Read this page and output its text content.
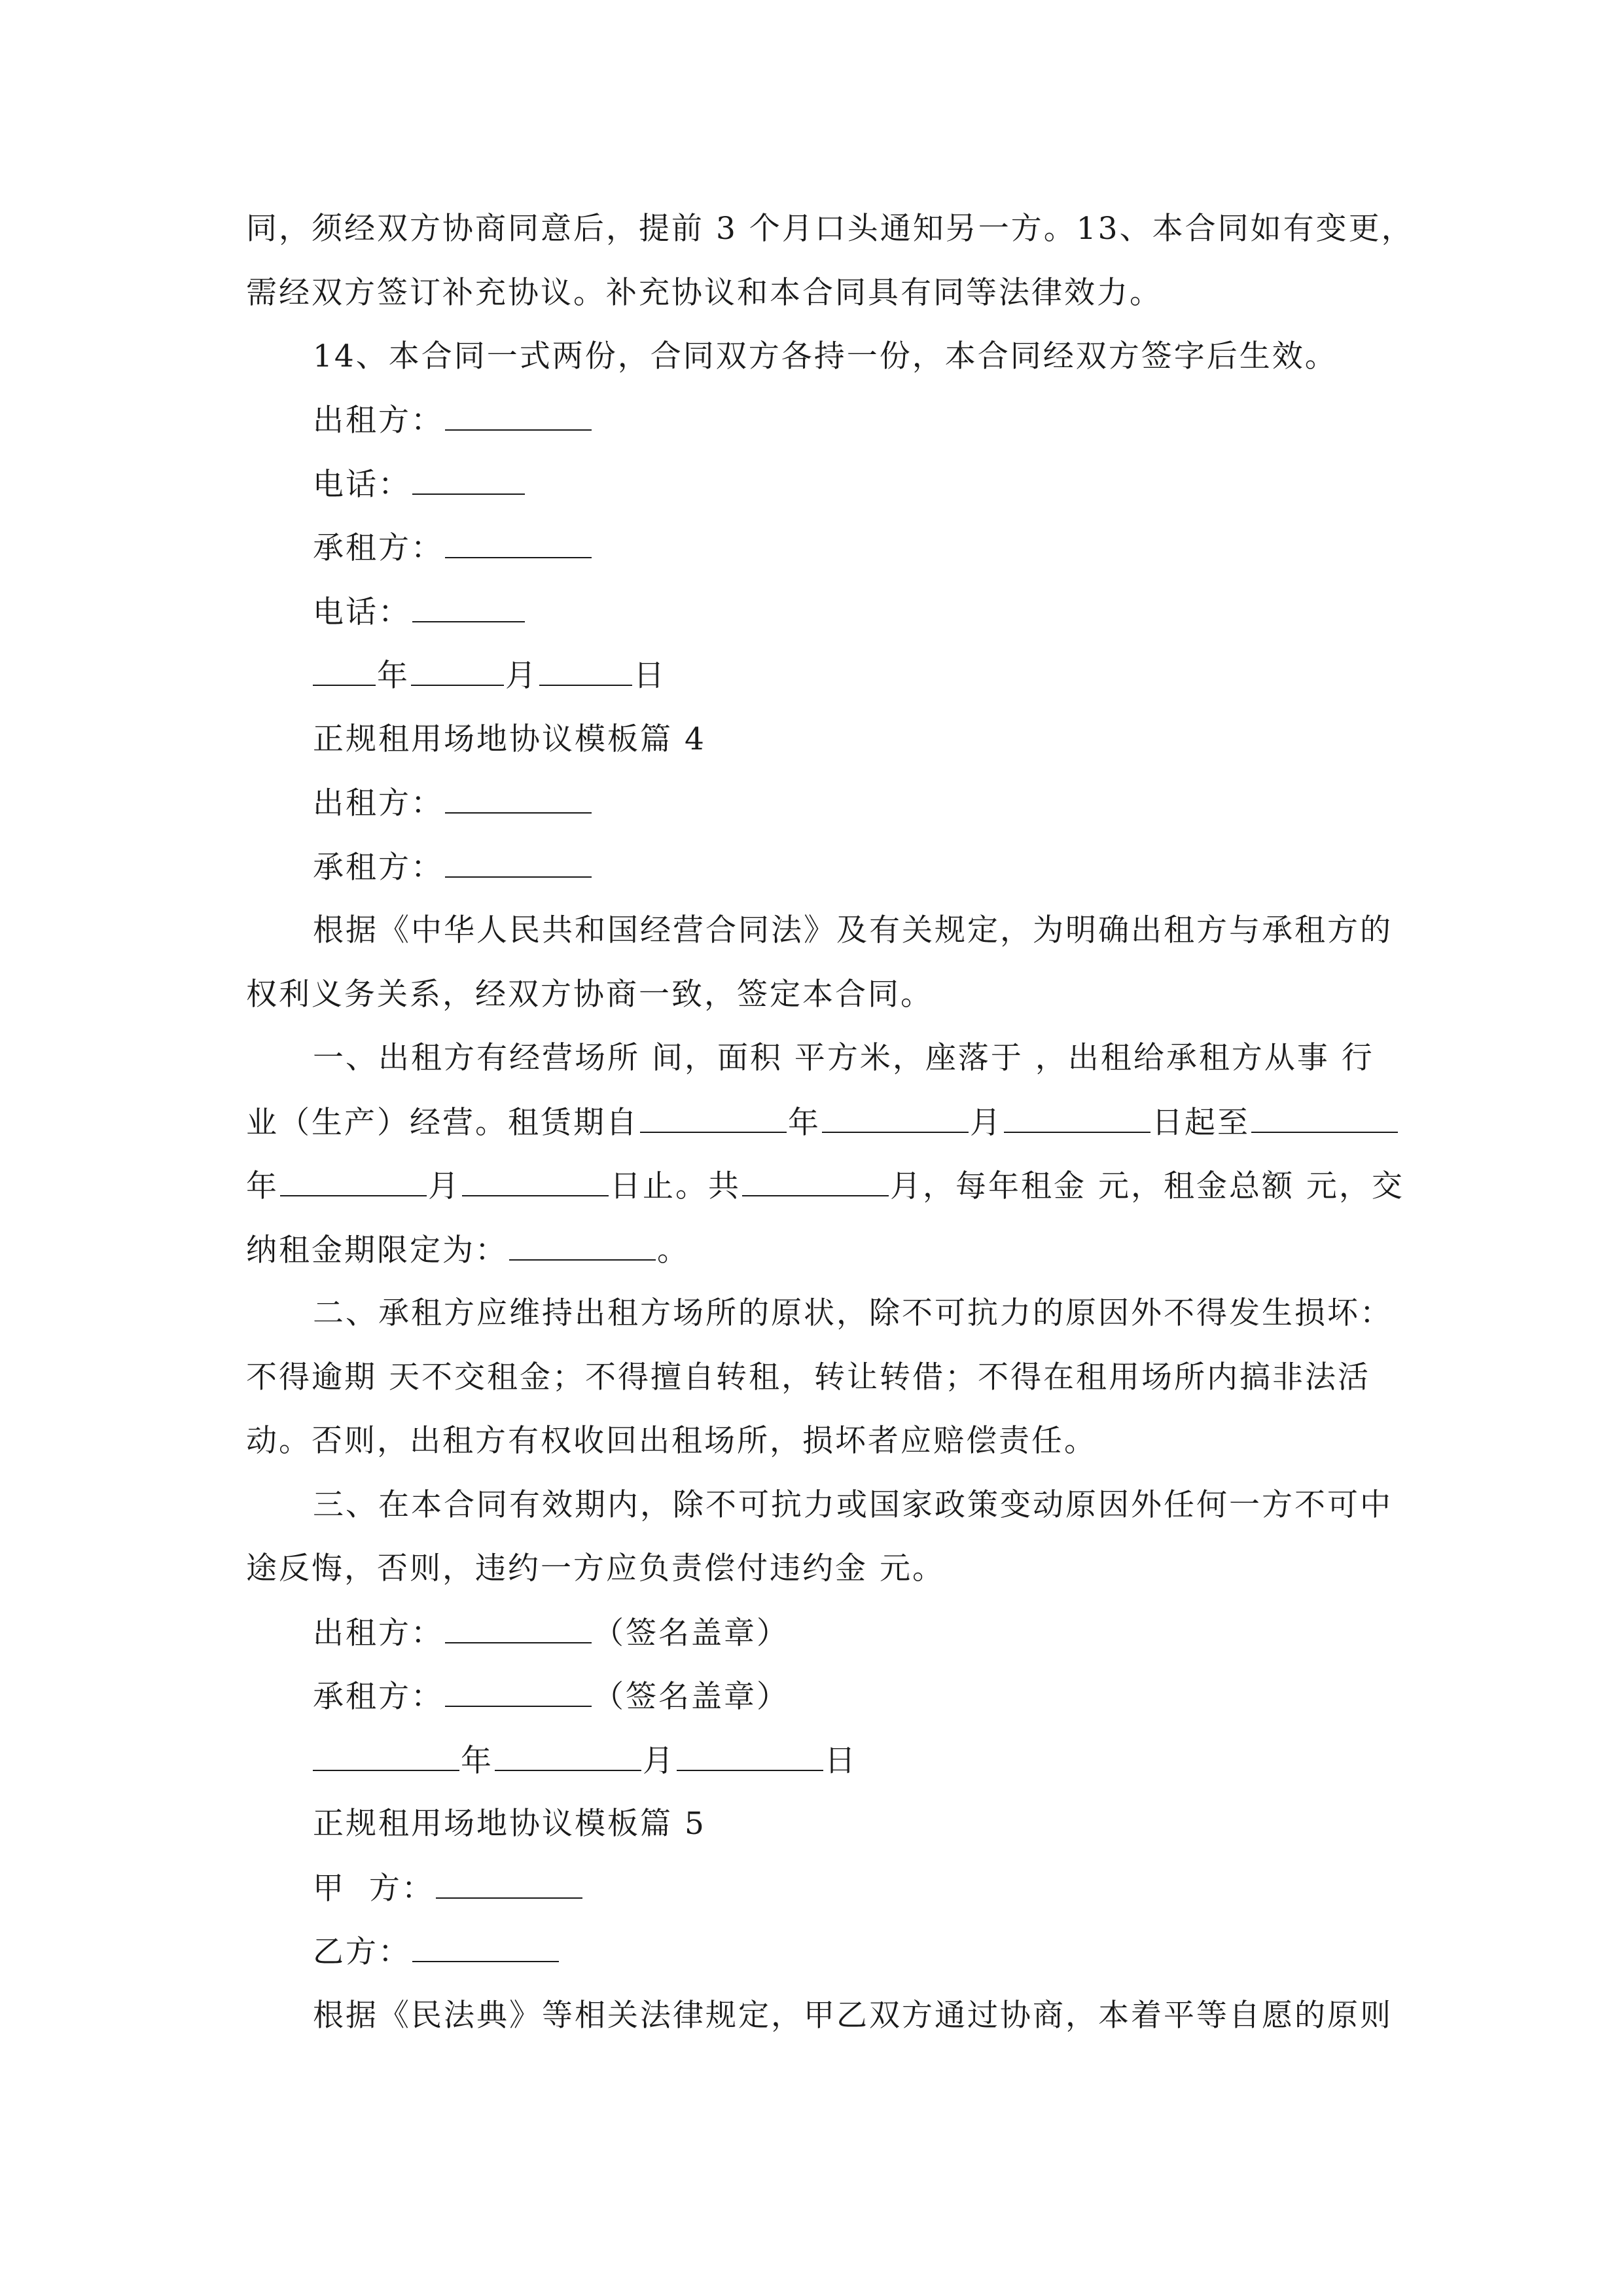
同，须经双方协商同意后，提前 3 个月口头通知另一方。13、本合同如有变更，
需经双方签订补充协议。补充协议和本合同具有同等法律效力。
14、本合同一式两份，合同双方各持一份，本合同经双方签字后生效。
出租方：
电话：
承租方：
电话：
年	月	日
正规租用场地协议模板篇 4
出租方：
承租方：
根据《中华人民共和国经营合同法》及有关规定，为明确出租方与承租方的
权利义务关系，经双方协商一致，签定本合同。
一、出租方有经营场所 间，面积 平方米，座落于 ，出租给承租方从事 行
业（生产）经营。租赁期自	年	月	日起至
年	月	日止。共	月，每年租金 元，租金总额 元，交
纳租金期限定为：	。
二、承租方应维持出租方场所的原状，除不可抗力的原因外不得发生损坏：
不得逾期 天不交租金；不得擅自转租，转让转借；不得在租用场所内搞非法活
动。否则，出租方有权收回出租场所，损坏者应赔偿责任。
三、在本合同有效期内，除不可抗力或国家政策变动原因外任何一方不可中
途反悔，否则，违约一方应负责偿付违约金 元。
出租方：	（签名盖章）
承租方：	（签名盖章）
年	月	日
正规租用场地协议模板篇 5
甲  方：
乙方：
根据《民法典》等相关法律规定，甲乙双方通过协商，本着平等自愿的原则
